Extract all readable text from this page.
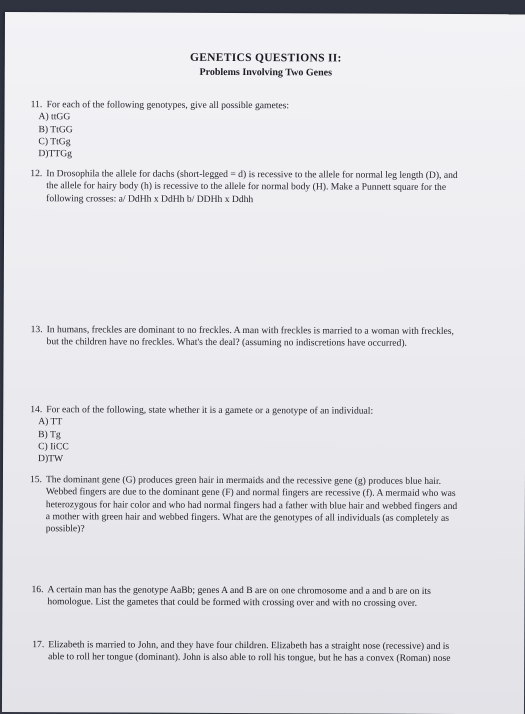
GENETICS QUESTIONS II:
Problems Involving Two Genes
11. For each of the following genotypes, give all possible gametes:
A) ttGG
B) TtGG
C) TtGg
D)TTGg
12. In Drosophila the allele for dachs (short-legged = d) is recessive to the allele for normal leg length (D), and
the allele for hairy body (h) is recessive to the allele for normal body (H). Make a Punnett square for the
following crosses: a/ DdHh x DdHh b/ DDHh x Ddhh
13. In humans, freckles are dominant to no freckles. A man with freckles is married to a woman with freckles,
but the children have no freckles. What's the deal? (assuming no indiscretions have occurred).
14. For each of the following, state whether it is a gamete or a genotype of an individual:
A) TT
B) Tg
C) IiCC
D)TW
15. The dominant gene (G) produces green hair in mermaids and the recessive gene (g) produces blue hair.
Webbed fingers are due to the dominant gene (F) and normal fingers are recessive (f). A mermaid who was
heterozygous for hair color and who had normal fingers had a father with blue hair and webbed fingers and
a mother with green hair and webbed fingers. What are the genotypes of all individuals (as completely as
possible)?
16. A certain man has the genotype AaBb; genes A and B are on one chromosome and a and b are on its
homologue. List the gametes that could be formed with crossing over and with no crossing over.
17. Elizabeth is married to John, and they have four children. Elizabeth has a straight nose (recessive) and is
able to roll her tongue (dominant). John is also able to roll his tongue, but he has a convex (Roman) nose
